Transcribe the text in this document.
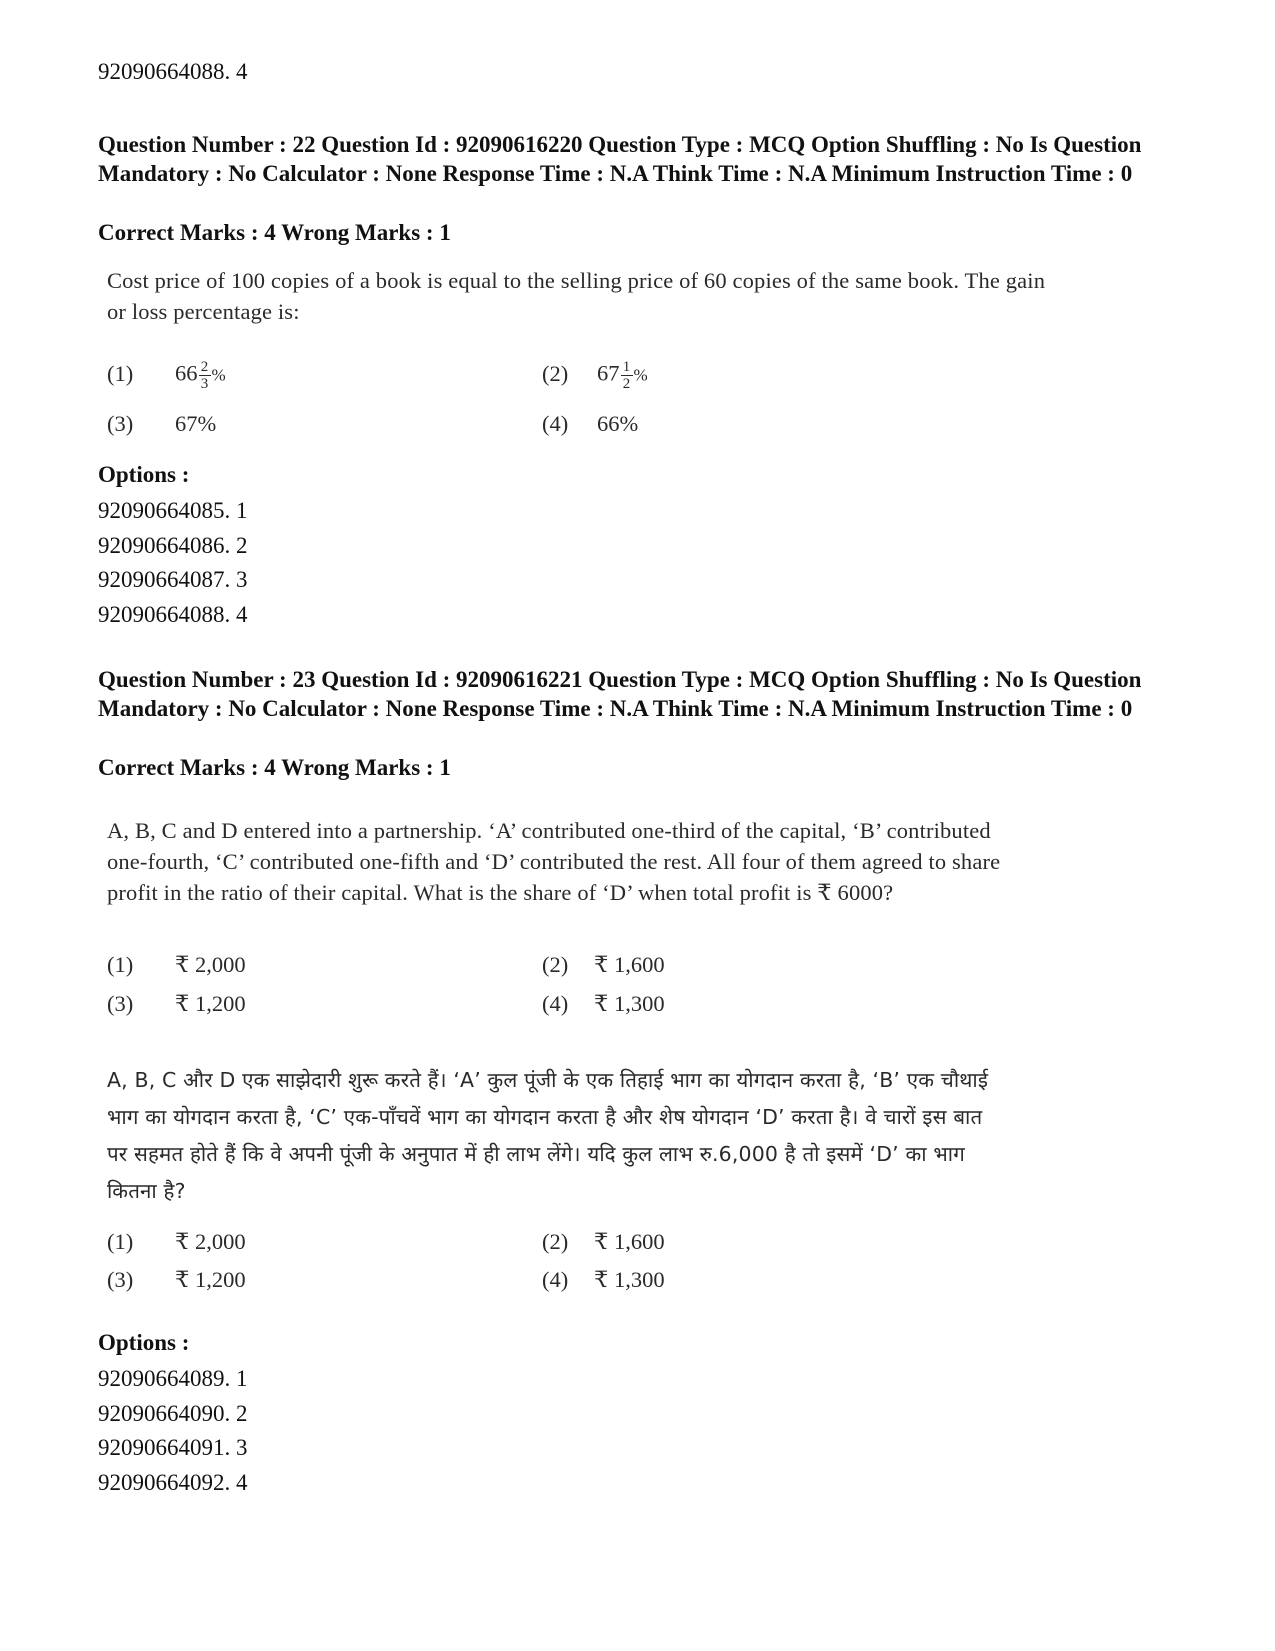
92090664088. 4
Question Number : 22 Question Id : 92090616220 Question Type : MCQ Option Shuffling : No Is Question Mandatory : No Calculator : None Response Time : N.A Think Time : N.A Minimum Instruction Time : 0
Correct Marks : 4 Wrong Marks : 1
Cost price of 100 copies of a book is equal to the selling price of 60 copies of the same book. The gain or loss percentage is:
(1) $66 \frac{2}{3}$ %	(2) $67 \frac{1}{2}$ %
(3) 67%	(4) 66%
Options :
92090664085. 1
92090664086. 2
92090664087. 3
92090664088. 4
Question Number : 23 Question Id : 92090616221 Question Type : MCQ Option Shuffling : No Is Question Mandatory : No Calculator : None Response Time : N.A Think Time : N.A Minimum Instruction Time : 0
Correct Marks : 4 Wrong Marks : 1
A, B, C and D entered into a partnership. ‘A’ contributed one-third of the capital, ‘B’ contributed one-fourth, ‘C’ contributed one-fifth and ‘D’ contributed the rest. All four of them agreed to share profit in the ratio of their capital. What is the share of ‘D’ when total profit is ₹ 6000?
(1) ₹ 2,000	(2) ₹ 1,600
(3) ₹ 1,200	(4) ₹ 1,300
A, B, C और D एक साझेदारी शुरू करते हैं। ‘A’ कुल पूंजी के एक तिहाई भाग का योगदान करता है, ‘B’ एक चौथाई भाग का योगदान करता है, ‘C’ एक-पाँचवें भाग का योगदान करता है और शेष योगदान ‘D’ करता है। वे चारों इस बात पर सहमत होते हैं कि वे अपनी पूंजी के अनुपात में ही लाभ लेंगे। यदि कुल लाभ रु.6,000 है तो इसमें ‘D’ का भाग कितना है?
(1) ₹ 2,000	(2) ₹ 1,600
(3) ₹ 1,200	(4) ₹ 1,300
Options :
92090664089. 1
92090664090. 2
92090664091. 3
92090664092. 4
